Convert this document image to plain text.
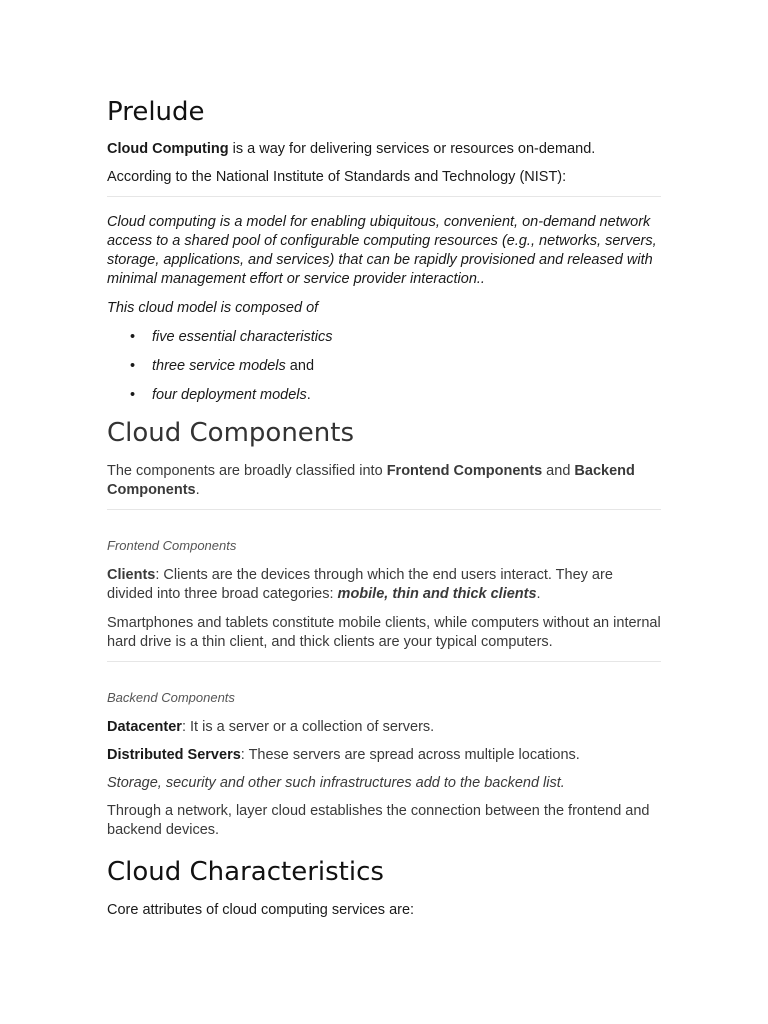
Prelude

Cloud Computing is a way for delivering services or resources on-demand.

According to the National Institute of Standards and Technology (NIST):

Cloud computing is a model for enabling ubiquitous, convenient, on-demand network access to a shared pool of configurable computing resources (e.g., networks, servers, storage, applications, and services) that can be rapidly provisioned and released with minimal management effort or service provider interaction..

This cloud model is composed of

• five essential characteristics
• three service models and
• four deployment models.
Cloud Components

The components are broadly classified into Frontend Components and Backend Components.

Frontend Components

Clients: Clients are the devices through which the end users interact. They are divided into three broad categories: mobile, thin and thick clients.

Smartphones and tablets constitute mobile clients, while computers without an internal hard drive is a thin client, and thick clients are your typical computers.

Backend Components

Datacenter: It is a server or a collection of servers.

Distributed Servers: These servers are spread across multiple locations.

Storage, security and other such infrastructures add to the backend list.

Through a network, layer cloud establishes the connection between the frontend and backend devices.

Cloud Characteristics

Core attributes of cloud computing services are:
